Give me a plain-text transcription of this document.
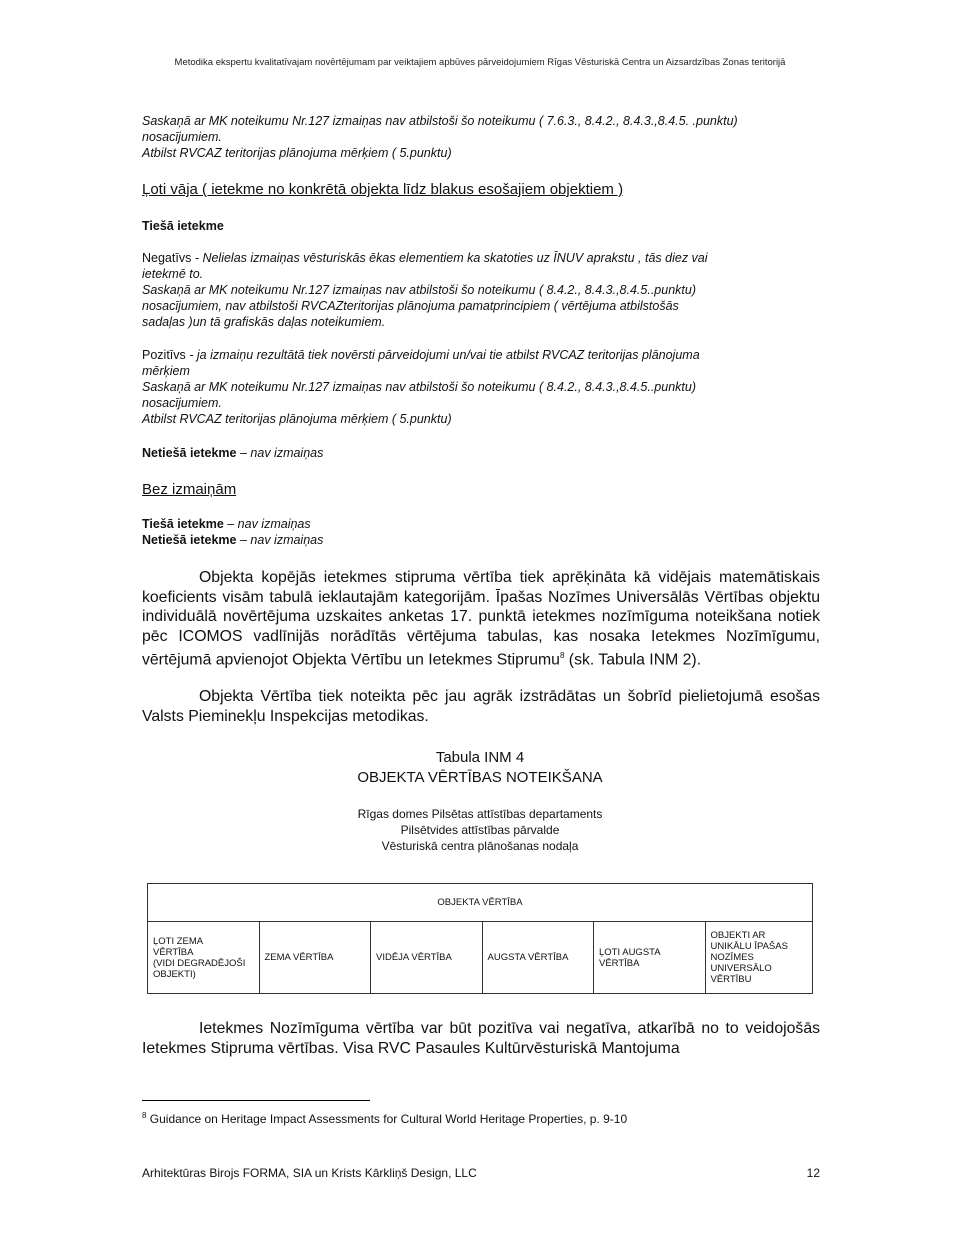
Metodika ekspertu kvalitatīvajam novērtējumam par veiktajiem apbūves pārveidojumiem Rīgas Vēsturiskā Centra un Aizsardzības Zonas teritorijā
Saskaņā ar MK noteikumu Nr.127 izmaiņas nav atbilstoši šo noteikumu ( 7.6.3., 8.4.2., 8.4.3.,8.4.5. .punktu)
nosacījumiem.
Atbilst RVCAZ teritorijas plānojuma mērķiem ( 5.punktu)
Ļoti vāja ( ietekme no konkrētā objekta līdz blakus esošajiem objektiem )
Tiešā ietekme
Negatīvs - Nelielas izmaiņas vēsturiskās ēkas elementiem ka skatoties uz ĪNUV aprakstu , tās diez vai
ietekmē to.
Saskaņā ar MK noteikumu Nr.127 izmaiņas nav atbilstoši šo noteikumu ( 8.4.2., 8.4.3.,8.4.5..punktu)
nosacījumiem, nav atbilstoši RVCAZteritorijas plānojuma pamatprincipiem ( vērtējuma atbilstošās
sadaļas )un tā grafiskās daļas noteikumiem.
Pozitīvs - ja izmaiņu rezultātā tiek novērsti pārveidojumi un/vai tie atbilst RVCAZ teritorijas plānojuma
mērķiem
Saskaņā ar MK noteikumu Nr.127 izmaiņas nav atbilstoši šo noteikumu ( 8.4.2., 8.4.3.,8.4.5..punktu)
nosacījumiem.
Atbilst RVCAZ teritorijas plānojuma mērķiem ( 5.punktu)
Netiešā ietekme – nav izmaiņas
Bez izmaiņām
Tiešā ietekme – nav izmaiņas
Netiešā ietekme – nav izmaiņas
Objekta kopējās ietekmes stipruma vērtība tiek aprēķināta kā vidējais matemātiskais koeficients visām tabulā ieklautajām kategorijām. Īpašas Nozīmes Universālās Vērtības objektu individuālā novērtējuma uzskaites anketas 17. punktā ietekmes nozīmīguma noteikšana notiek pēc ICOMOS vadlīnijās norādītās vērtējuma tabulas, kas nosaka Ietekmes Nozīmīgumu, vērtējumā apvienojot Objekta Vērtību un Ietekmes Stiprumu$^8$ (sk. Tabula INM 2).
Objekta Vērtība tiek noteikta pēc jau agrāk izstrādātas un šobrīd pielietojumā esošas Valsts Pieminekļu Inspekcijas metodikas.
Tabula INM 4
OBJEKTA VĒRTĪBAS NOTEIKŠANA
Rīgas domes Pilsētas attīstības departaments
Pilsētvides attīstības pārvalde
Vēsturiskā centra plānošanas nodaļa
OBJEKTA VĒRTĪBA
ĻOTI ZEMA
VĒRTĪBA
(VIDI DEGRADĒJOŠI
OBJEKTI)	ZEMA VĒRTĪBA	VIDĒJA VĒRTĪBA	AUGSTA VĒRTĪBA	ĻOTI AUGSTA
VĒRTĪBA	OBJEKTI AR
UNIKĀLU ĪPAŠAS
NOZĪMES
UNIVERSĀLO
VĒRTĪBU
Ietekmes Nozīmīguma vērtība var būt pozitīva vai negatīva, atkarībā no to veidojošās Ietekmes Stipruma vērtības. Visa RVC Pasaules Kultūrvēsturiskā Mantojuma
$^8$ Guidance on Heritage Impact Assessments for Cultural World Heritage Properties, p. 9-10
Arhitektūras Birojs FORMA, SIA un Krists Kārkliņš Design, LLC	12
